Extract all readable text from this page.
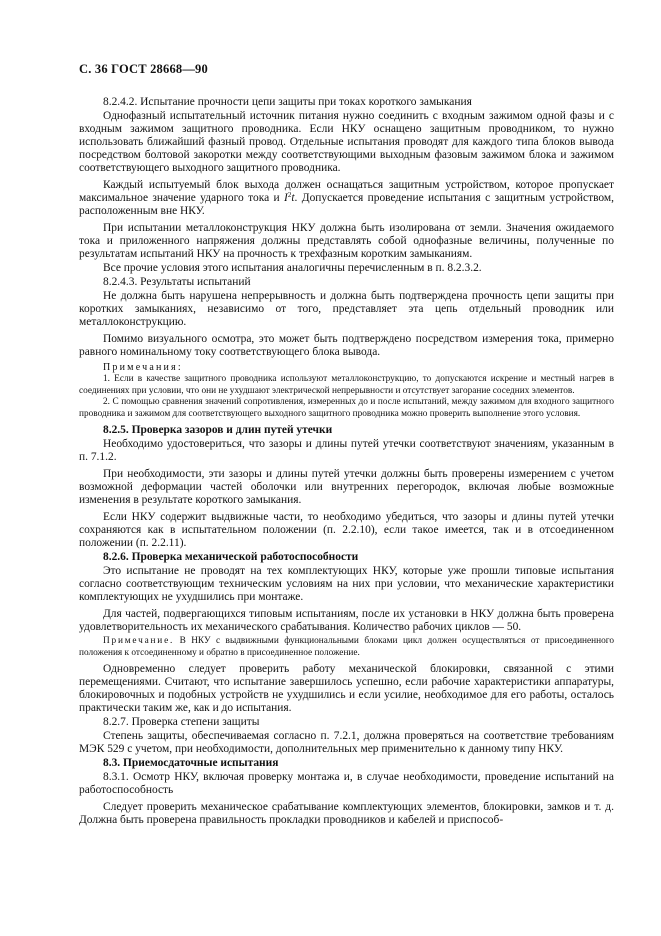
С. 36 ГОСТ 28668—90

8.2.4.2. Испытание прочности цепи защиты при токах короткого замыкания

Однофазный испытательный источник питания нужно соединить с входным зажимом одной фазы и с входным зажимом защитного проводника. Если НКУ оснащено защитным проводником, то нужно использовать ближайший фазный провод. Отдельные испытания проводят для каждого типа блоков вывода посредством болтовой закоротки между соответствующими выходным фазовым зажимом блока и зажимом соответствующего выходного защитного проводника.

Каждый испытуемый блок выхода должен оснащаться защитным устройством, которое пропускает максимальное значение ударного тока и $I^2t$. Допускается проведение испытания с защитным устройством, расположенным вне НКУ.

При испытании металлоконструкция НКУ должна быть изолирована от земли. Значения ожидаемого тока и приложенного напряжения должны представлять собой однофазные величины, полученные по результатам испытаний НКУ на прочность к трехфазным коротким замыканиям.

Все прочие условия этого испытания аналогичны перечисленным в п. 8.2.3.2.

8.2.4.3. Результаты испытаний

Не должна быть нарушена непрерывность и должна быть подтверждена прочность цепи защиты при коротких замыканиях, независимо от того, представляет эта цепь отдельный проводник или металлоконструкцию.

Помимо визуального осмотра, это может быть подтверждено посредством измерения тока, примерно равного номинальному току соответствующего блока вывода.

Примечания:

1. Если в качестве защитного проводника используют металлоконструкцию, то допускаются искрение и местный нагрев в соединениях при условии, что они не ухудшают электрической непрерывности и отсутствует загорание соседних элементов.

2. С помощью сравнения значений сопротивления, измеренных до и после испытаний, между зажимом для входного защитного проводника и зажимом для соответствующего выходного защитного проводника можно проверить выполнение этого условия.

8.2.5. Проверка зазоров и длин путей утечки

Необходимо удостовериться, что зазоры и длины путей утечки соответствуют значениям, указанным в п. 7.1.2.

При необходимости, эти зазоры и длины путей утечки должны быть проверены измерением с учетом возможной деформации частей оболочки или внутренних перегородок, включая любые возможные изменения в результате короткого замыкания.

Если НКУ содержит выдвижные части, то необходимо убедиться, что зазоры и длины путей утечки сохраняются как в испытательном положении (п. 2.2.10), если такое имеется, так и в отсоединенном положении (п. 2.2.11).

8.2.6. Проверка механической работоспособности

Это испытание не проводят на тех комплектующих НКУ, которые уже прошли типовые испытания согласно соответствующим техническим условиям на них при условии, что механические характеристики комплектующих не ухудшились при монтаже.

Для частей, подвергающихся типовым испытаниям, после их установки в НКУ должна быть проверена удовлетворительность их механического срабатывания. Количество рабочих циклов — 50.

Примечание. В НКУ с выдвижными функциональными блоками цикл должен осуществляться от присоединенного положения к отсоединенному и обратно в присоединенное положение.

Одновременно следует проверить работу механической блокировки, связанной с этими перемещениями. Считают, что испытание завершилось успешно, если рабочие характеристики аппаратуры, блокировочных и подобных устройств не ухудшились и если усилие, необходимое для его работы, осталось практически таким же, как и до испытания.

8.2.7. Проверка степени защиты

Степень защиты, обеспечиваемая согласно п. 7.2.1, должна проверяться на соответствие требованиям МЭК 529 с учетом, при необходимости, дополнительных мер применительно к данному типу НКУ.

8.3. Приемосдаточные испытания

8.3.1. Осмотр НКУ, включая проверку монтажа и, в случае необходимости, проведение испытаний на работоспособность

Следует проверить механическое срабатывание комплектующих элементов, блокировки, замков и т. д. Должна быть проверена правильность прокладки проводников и кабелей и приспособ-
